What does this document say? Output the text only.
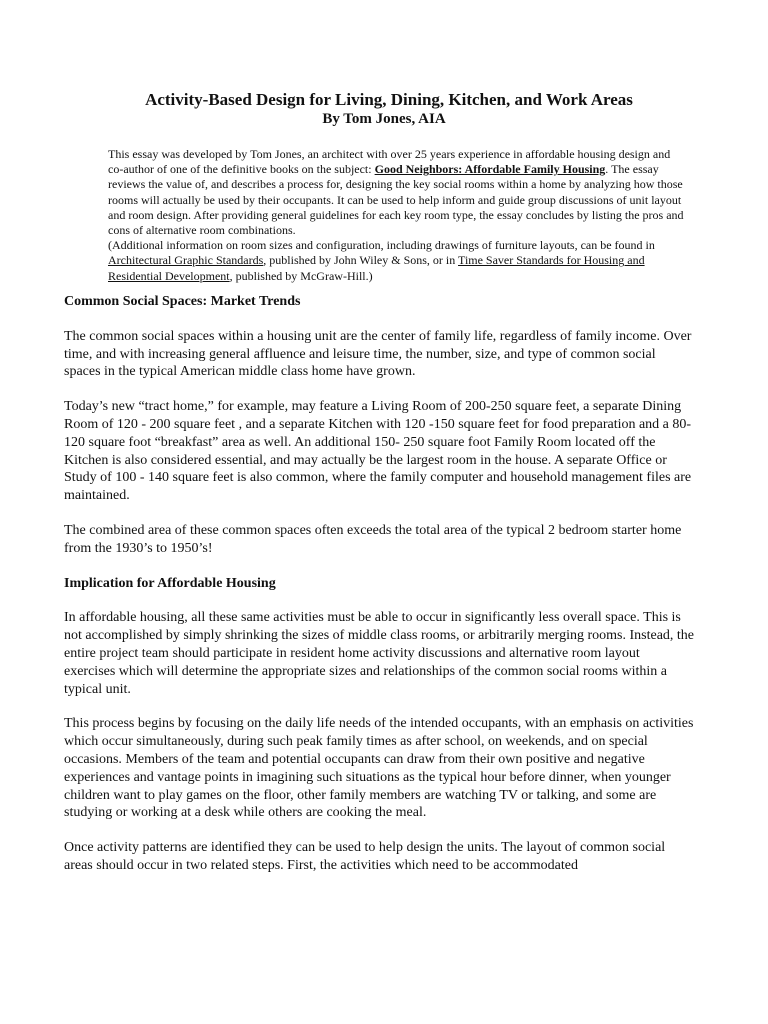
Activity-Based Design for Living, Dining, Kitchen, and Work Areas
By Tom Jones, AIA

This essay was developed by Tom Jones, an architect with over 25 years experience in affordable housing design and co-author of one of the definitive books on the subject: Good Neighbors: Affordable Family Housing. The essay reviews the value of, and describes a process for, designing the key social rooms within a home by analyzing how those rooms will actually be used by their occupants. It can be used to help inform and guide group discussions of unit layout and room design. After providing general guidelines for each key room type, the essay concludes by listing the pros and cons of alternative room combinations.
(Additional information on room sizes and configuration, including drawings of furniture layouts, can be found in Architectural Graphic Standards, published by John Wiley & Sons, or in Time Saver Standards for Housing and Residential Development, published by McGraw-Hill.)

Common Social Spaces: Market Trends

The common social spaces within a housing unit are the center of family life, regardless of family income. Over time, and with increasing general affluence and leisure time, the number, size, and type of common social spaces in the typical American middle class home have grown.

Today’s new “tract home,” for example, may feature a Living Room of 200-250 square feet, a separate Dining Room of 120 - 200 square feet , and a separate Kitchen with 120 -150 square feet for food preparation and a 80-120 square foot “breakfast” area as well. An additional 150- 250 square foot Family Room located off the Kitchen is also considered essential, and may actually be the largest room in the house. A separate Office or Study of 100 - 140 square feet is also common, where the family computer and household management files are maintained.

The combined area of these common spaces often exceeds the total area of the typical 2 bedroom starter home from the 1930’s to 1950’s!

Implication for Affordable Housing

In affordable housing, all these same activities must be able to occur in significantly less overall space. This is not accomplished by simply shrinking the sizes of middle class rooms, or arbitrarily merging rooms. Instead, the entire project team should participate in resident home activity discussions and alternative room layout exercises which will determine the appropriate sizes and relationships of the common social rooms within a typical unit.

This process begins by focusing on the daily life needs of the intended occupants, with an emphasis on activities which occur simultaneously, during such peak family times as after school, on weekends, and on special occasions. Members of the team and potential occupants can draw from their own positive and negative experiences and vantage points in imagining such situations as the typical hour before dinner, when younger children want to play games on the floor, other family members are watching TV or talking, and some are studying or working at a desk while others are cooking the meal.

Once activity patterns are identified they can be used to help design the units. The layout of common social areas should occur in two related steps. First, the activities which need to be accommodated
